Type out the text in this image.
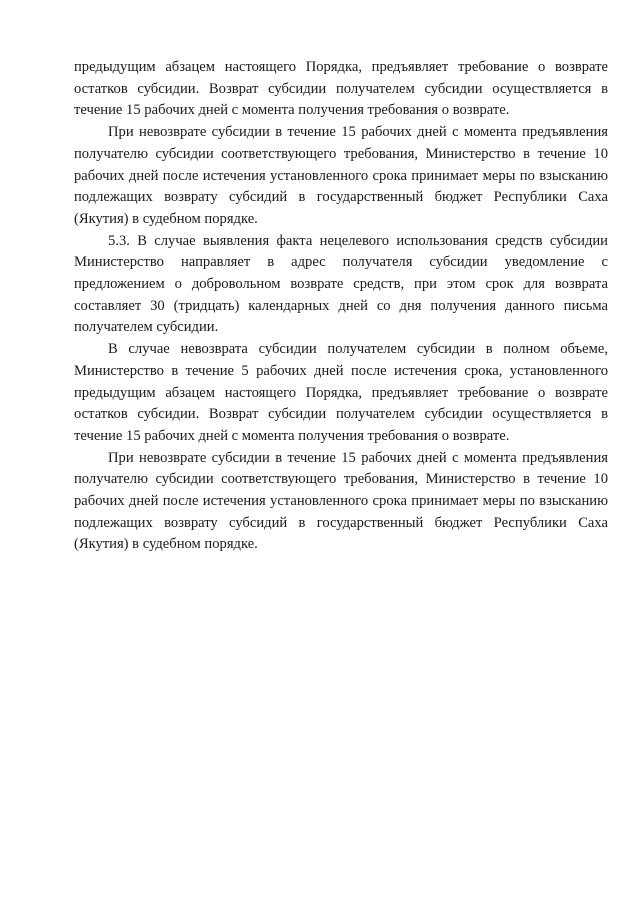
предыдущим абзацем настоящего Порядка, предъявляет требование о возврате остатков субсидии. Возврат субсидии получателем субсидии осуществляется в течение 15 рабочих дней с момента получения требования о возврате.

При невозврате субсидии в течение 15 рабочих дней с момента предъявления получателю субсидии соответствующего требования, Министерство в течение 10 рабочих дней после истечения установленного срока принимает меры по взысканию подлежащих возврату субсидий в государственный бюджет Республики Саха (Якутия) в судебном порядке.

5.3. В случае выявления факта нецелевого использования средств субсидии Министерство направляет в адрес получателя субсидии уведомление с предложением о добровольном возврате средств, при этом срок для возврата составляет 30 (тридцать) календарных дней со дня получения данного письма получателем субсидии.

В случае невозврата субсидии получателем субсидии в полном объеме, Министерство в течение 5 рабочих дней после истечения срока, установленного предыдущим абзацем настоящего Порядка, предъявляет требование о возврате остатков субсидии. Возврат субсидии получателем субсидии осуществляется в течение 15 рабочих дней с момента получения требования о возврате.

При невозврате субсидии в течение 15 рабочих дней с момента предъявления получателю субсидии соответствующего требования, Министерство в течение 10 рабочих дней после истечения установленного срока принимает меры по взысканию подлежащих возврату субсидий в государственный бюджет Республики Саха (Якутия) в судебном порядке.
